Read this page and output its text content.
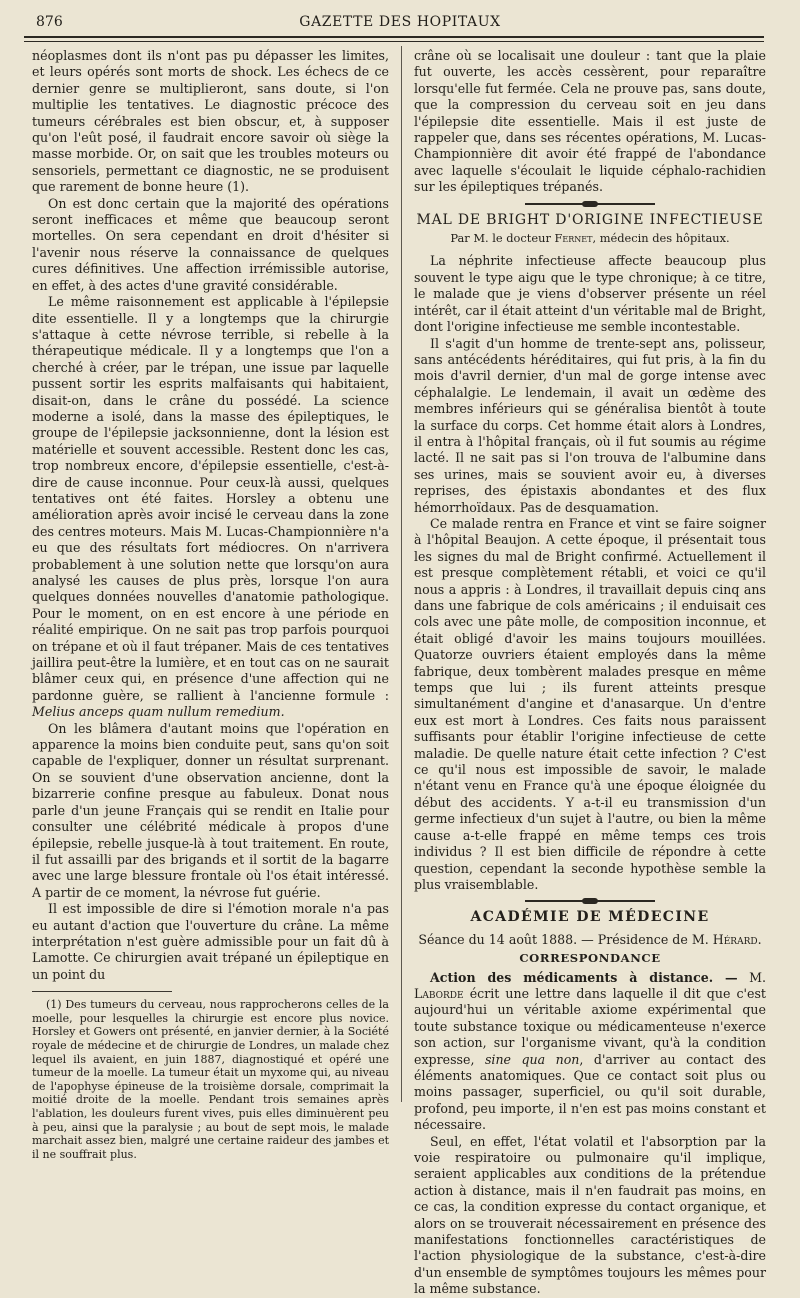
876	GAZETTE DES HOPITAUX

néoplasmes dont ils n'ont pas pu dépasser les limites, et leurs opérés sont morts de shock. Les échecs de ce dernier genre se multiplieront, sans doute, si l'on multiplie les tentatives. Le diagnostic précoce des tumeurs cérébrales est bien obscur, et, à supposer qu'on l'eût posé, il faudrait encore savoir où siège la masse morbide. Or, on sait que les troubles moteurs ou sensoriels, permettant ce diagnostic, ne se produisent que rarement de bonne heure (1).

On est donc certain que la majorité des opérations seront inefficaces et même que beaucoup seront mortelles. On sera cependant en droit d'hésiter si l'avenir nous réserve la connaissance de quelques cures définitives. Une affection irrémissible autorise, en effet, à des actes d'une gravité considérable.

Le même raisonnement est applicable à l'épilepsie dite essentielle. Il y a longtemps que la chirurgie s'attaque à cette névrose terrible, si rebelle à la thérapeutique médicale. Il y a longtemps que l'on a cherché à créer, par le trépan, une issue par laquelle pussent sortir les esprits malfaisants qui habitaient, disait-on, dans le crâne du possédé. La science moderne a isolé, dans la masse des épileptiques, le groupe de l'épilepsie jacksonnienne, dont la lésion est matérielle et souvent accessible. Restent donc les cas, trop nombreux encore, d'épilepsie essentielle, c'est-à-dire de cause inconnue. Pour ceux-là aussi, quelques tentatives ont été faites. Horsley a obtenu une amélioration après avoir incisé le cerveau dans la zone des centres moteurs. Mais M. Lucas-Championnière n'a eu que des résultats fort médiocres. On n'arrivera probablement à une solution nette que lorsqu'on aura analysé les causes de plus près, lorsque l'on aura quelques données nouvelles d'anatomie pathologique. Pour le moment, on en est encore à une période en réalité empirique. On ne sait pas trop parfois pourquoi on trépane et où il faut trépaner. Mais de ces tentatives jaillira peut-être la lumière, et en tout cas on ne saurait blâmer ceux qui, en présence d'une affection qui ne pardonne guère, se rallient à l'ancienne formule : Melius anceps quam nullum remedium.

On les blâmera d'autant moins que l'opération en apparence la moins bien conduite peut, sans qu'on soit capable de l'expliquer, donner un résultat surprenant. On se souvient d'une observation ancienne, dont la bizarrerie confine presque au fabuleux. Donat nous parle d'un jeune Français qui se rendit en Italie pour consulter une célébrité médicale à propos d'une épilepsie, rebelle jusque-là à tout traitement. En route, il fut assailli par des brigands et il sortit de la bagarre avec une large blessure frontale où l'os était intéressé. A partir de ce moment, la névrose fut guérie.

Il est impossible de dire si l'émotion morale n'a pas eu autant d'action que l'ouverture du crâne. La même interprétation n'est guère admissible pour un fait dû à Lamotte. Ce chirurgien avait trépané un épileptique en un point du

(1) Des tumeurs du cerveau, nous rapprocherons celles de la moelle, pour lesquelles la chirurgie est encore plus novice. Horsley et Gowers ont présenté, en janvier dernier, à la Société royale de médecine et de chirurgie de Londres, un malade chez lequel ils avaient, en juin 1887, diagnostiqué et opéré une tumeur de la moelle. La tumeur était un myxome qui, au niveau de l'apophyse épineuse de la troisième dorsale, comprimait la moitié droite de la moelle. Pendant trois semaines après l'ablation, les douleurs furent vives, puis elles diminuèrent peu à peu, ainsi que la paralysie ; au bout de sept mois, le malade marchait assez bien, malgré une certaine raideur des jambes et il ne souffrait plus.

crâne où se localisait une douleur : tant que la plaie fut ouverte, les accès cessèrent, pour reparaître lorsqu'elle fut fermée. Cela ne prouve pas, sans doute, que la compression du cerveau soit en jeu dans l'épilepsie dite essentielle. Mais il est juste de rappeler que, dans ses récentes opérations, M. Lucas-Championnière dit avoir été frappé de l'abondance avec laquelle s'écoulait le liquide céphalo-rachidien sur les épileptiques trépanés.

MAL DE BRIGHT D'ORIGINE INFECTIEUSE
Par M. le docteur Fernet, médecin des hôpitaux.

La néphrite infectieuse affecte beaucoup plus souvent le type aigu que le type chronique; à ce titre, le malade que je viens d'observer présente un réel intérêt, car il était atteint d'un véritable mal de Bright, dont l'origine infectieuse me semble incontestable.

Il s'agit d'un homme de trente-sept ans, polisseur, sans antécédents héréditaires, qui fut pris, à la fin du mois d'avril dernier, d'un mal de gorge intense avec céphalalgie. Le lendemain, il avait un œdème des membres inférieurs qui se généralisa bientôt à toute la surface du corps. Cet homme était alors à Londres, il entra à l'hôpital français, où il fut soumis au régime lacté. Il ne sait pas si l'on trouva de l'albumine dans ses urines, mais se souvient avoir eu, à diverses reprises, des épistaxis abondantes et des flux hémorrhoïdaux. Pas de desquamation.

Ce malade rentra en France et vint se faire soigner à l'hôpital Beaujon. A cette époque, il présentait tous les signes du mal de Bright confirmé. Actuellement il est presque complètement rétabli, et voici ce qu'il nous a appris : à Londres, il travaillait depuis cinq ans dans une fabrique de cols américains ; il enduisait ces cols avec une pâte molle, de composition inconnue, et était obligé d'avoir les mains toujours mouillées. Quatorze ouvriers étaient employés dans la même fabrique, deux tombèrent malades presque en même temps que lui ; ils furent atteints presque simultanément d'angine et d'anasarque. Un d'entre eux est mort à Londres. Ces faits nous paraissent suffisants pour établir l'origine infectieuse de cette maladie. De quelle nature était cette infection ? C'est ce qu'il nous est impossible de savoir, le malade n'étant venu en France qu'à une époque éloignée du début des accidents. Y a-t-il eu transmission d'un germe infectieux d'un sujet à l'autre, ou bien la même cause a-t-elle frappé en même temps ces trois individus ? Il est bien difficile de répondre à cette question, cependant la seconde hypothèse semble la plus vraisemblable.

ACADÉMIE DE MÉDECINE
Séance du 14 août 1888. — Présidence de M. Hérard.
CORRESPONDANCE

Action des médicaments à distance. — M. Laborde écrit une lettre dans laquelle il dit que c'est aujourd'hui un véritable axiome expérimental que toute substance toxique ou médicamenteuse n'exerce son action, sur l'organisme vivant, qu'à la condition expresse, sine qua non, d'arriver au contact des éléments anatomiques. Que ce contact soit plus ou moins passager, superficiel, ou qu'il soit durable, profond, peu importe, il n'en est pas moins constant et nécessaire.

Seul, en effet, l'état volatil et l'absorption par la voie respiratoire ou pulmonaire qu'il implique, seraient applicables aux conditions de la prétendue action à distance, mais il n'en faudrait pas moins, en ce cas, la condition expresse du contact organique, et alors on se trouverait nécessairement en présence des manifestations fonctionnelles caractéristiques de l'action physiologique de la substance, c'est-à-dire d'un ensemble de symptômes toujours les mêmes pour la même substance.
